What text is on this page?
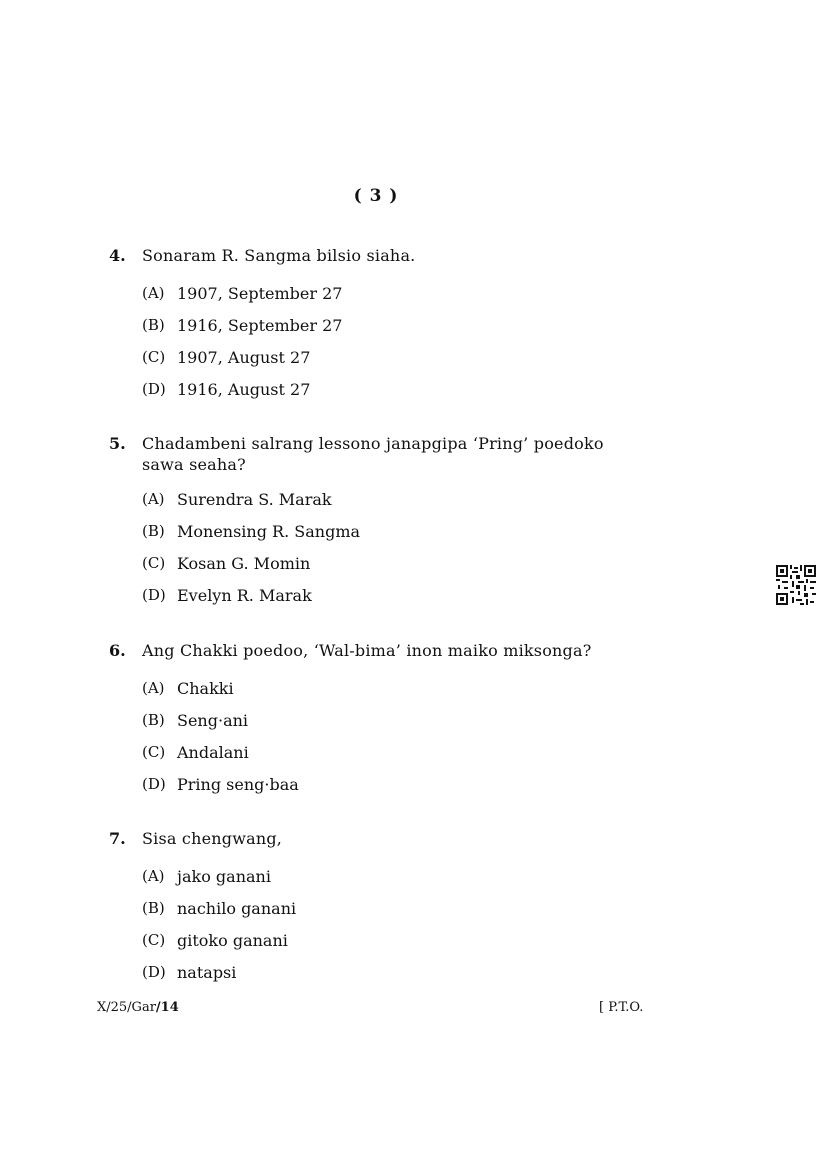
( 3 )
4.	Sonaram R. Sangma bilsio siaha.
(A) 1907, September 27
(B) 1916, September 27
(C) 1907, August 27
(D) 1916, August 27
5.	Chadambeni salrang lessono janapgipa ‘Pring’ poedoko sawa seaha?
(A) Surendra S. Marak
(B) Monensing R. Sangma
(C) Kosan G. Momin
(D) Evelyn R. Marak
6.	Ang Chakki poedoo, ‘Wal-bima’ inon maiko miksonga?
(A) Chakki
(B) Seng·ani
(C) Andalani
(D) Pring seng·baa
7.	Sisa chengwang,
(A) jako ganani
(B) nachilo ganani
(C) gitoko ganani
(D) natapsi
X/25/Gar/14	[ P.T.O.
